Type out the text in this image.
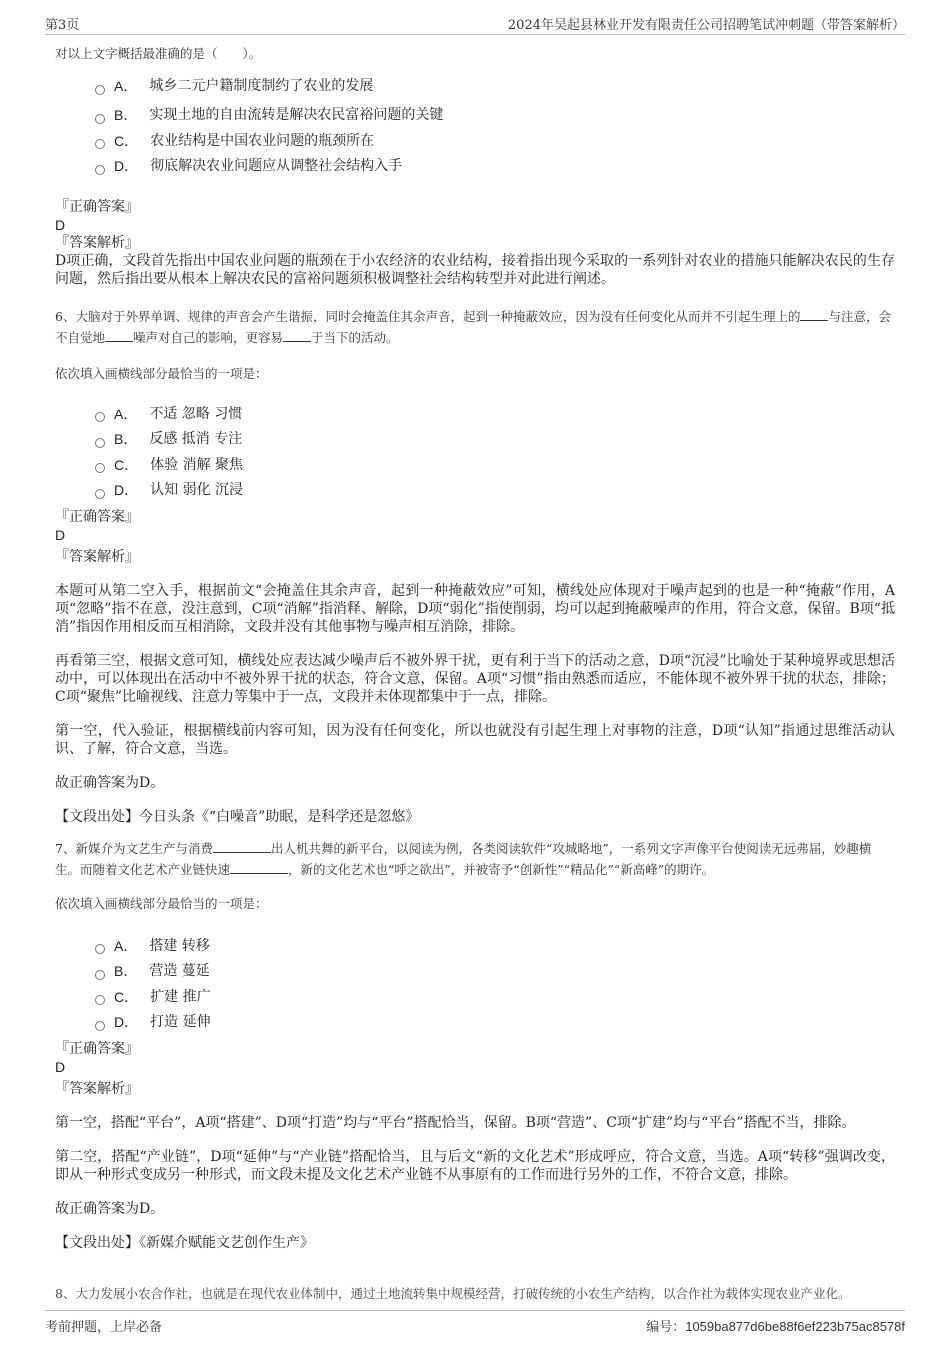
第3页	2024年吴起县林业开发有限责任公司招聘笔试冲刺题（带答案解析）

对以上文字概括最准确的是（　　）。

A． 城乡二元户籍制度制约了农业的发展
B． 实现土地的自由流转是解决农民富裕问题的关键
C． 农业结构是中国农业问题的瓶颈所在
D． 彻底解决农业问题应从调整社会结构入手

『正确答案』

D

『答案解析』

D项正确，文段首先指出中国农业问题的瓶颈在于小农经济的农业结构，接着指出现今采取的一系列针对农业的措施只能解决农民的生存问题，然后指出要从根本上解决农民的富裕问题须积极调整社会结构转型并对此进行阐述。

6、大脑对于外界单调、规律的声音会产生谐振，同时会掩盖住其余声音，起到一种掩蔽效应，因为没有任何变化从而并不引起生理上的 与注意，会不自觉地 噪声对自己的影响，更容易 于当下的活动。

依次填入画横线部分最恰当的一项是：

A． 不适 忽略 习惯
B． 反感 抵消 专注
C． 体验 消解 聚焦
D． 认知 弱化 沉浸

『正确答案』

D

『答案解析』

本题可从第二空入手，根据前文“会掩盖住其余声音，起到一种掩蔽效应”可知，横线处应体现对于噪声起到的也是一种“掩蔽”作用，A项“忽略”指不在意，没注意到，C项“消解”指消释、解除，D项“弱化”指使削弱，均可以起到掩蔽噪声的作用，符合文意，保留。B项“抵消”指因作用相反而互相消除，文段并没有其他事物与噪声相互消除，排除。

再看第三空，根据文意可知，横线处应表达减少噪声后不被外界干扰，更有利于当下的活动之意，D项“沉浸”比喻处于某种境界或思想活动中，可以体现出在活动中不被外界干扰的状态，符合文意，保留。A项“习惯”指由熟悉而适应，不能体现不被外界干扰的状态，排除；C项“聚焦”比喻视线、注意力等集中于一点，文段并未体现都集中于一点，排除。

第一空，代入验证，根据横线前内容可知，因为没有任何变化，所以也就没有引起生理上对事物的注意，D项“认知”指通过思维活动认识、了解，符合文意，当选。

故正确答案为D。

【文段出处】今日头条《“白噪音”助眠，是科学还是忽悠》

7、新媒介为文艺生产与消费	出人机共舞的新平台，以阅读为例，各类阅读软件“攻城略地”，一系列文字声像平台使阅读无远弗届，妙趣横生。而随着文化艺术产业链快速	，新的文化艺术也“呼之欲出”，并被寄予“创新性”“精品化”“新高峰”的期许。

依次填入画横线部分最恰当的一项是：

A． 搭建 转移
B． 营造 蔓延
C． 扩建 推广
D． 打造 延伸

『正确答案』

D

『答案解析』

第一空，搭配“平台”，A项“搭建”、D项“打造”均与“平台”搭配恰当，保留。B项“营造”、C项“扩建”均与“平台”搭配不当，排除。

第二空，搭配“产业链”，D项“延伸”与“产业链”搭配恰当，且与后文“新的文化艺术”形成呼应，符合文意，当选。A项“转移”强调改变，即从一种形式变成另一种形式，而文段未提及文化艺术产业链不从事原有的工作而进行另外的工作，不符合文意，排除。

故正确答案为D。

【文段出处】《新媒介赋能文艺创作生产》

8、大力发展小农合作社，也就是在现代农业体制中，通过土地流转集中规模经营，打破传统的小农生产结构，以合作社为载体实现农业产业化。

考前押题，上岸必备	编号：1059ba877d6be88f6ef223b75ac8578f
